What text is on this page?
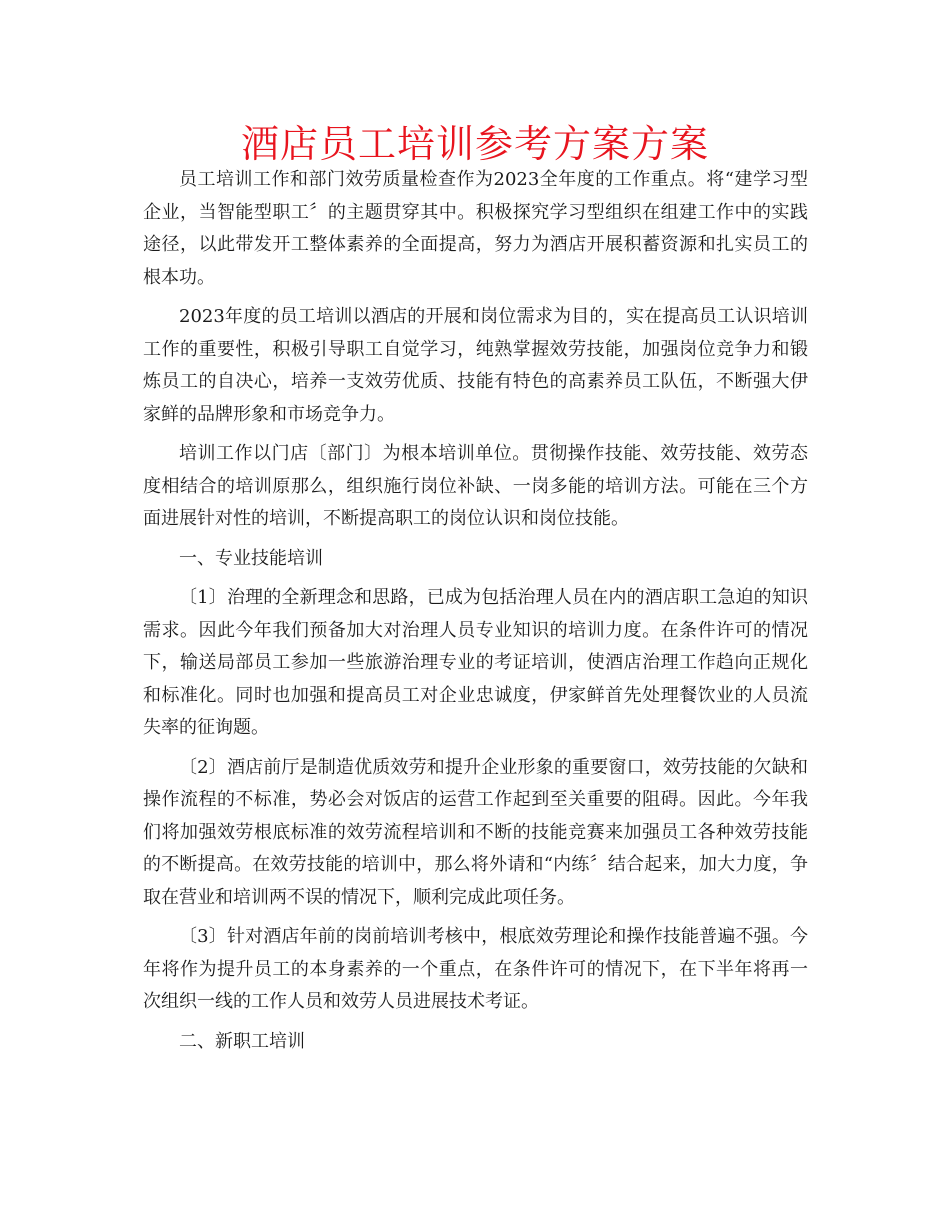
酒店员工培训参考方案方案

员工培训工作和部门效劳质量检查作为2023全年度的工作重点。将“建学习型企业，当智能型职工〞的主题贯穿其中。积极探究学习型组织在组建工作中的实践途径，以此带发开工整体素养的全面提高，努力为酒店开展积蓄资源和扎实员工的根本功。

2023年度的员工培训以酒店的开展和岗位需求为目的，实在提高员工认识培训工作的重要性，积极引导职工自觉学习，纯熟掌握效劳技能，加强岗位竞争力和锻炼员工的自决心，培养一支效劳优质、技能有特色的高素养员工队伍，不断强大伊家鲜的品牌形象和市场竞争力。

培训工作以门店〔部门〕为根本培训单位。贯彻操作技能、效劳技能、效劳态度相结合的培训原那么，组织施行岗位补缺、一岗多能的培训方法。可能在三个方面进展针对性的培训，不断提高职工的岗位认识和岗位技能。

一、专业技能培训

〔1〕治理的全新理念和思路，已成为包括治理人员在内的酒店职工急迫的知识需求。因此今年我们预备加大对治理人员专业知识的培训力度。在条件许可的情况下，输送局部员工参加一些旅游治理专业的考证培训，使酒店治理工作趋向正规化和标准化。同时也加强和提高员工对企业忠诚度，伊家鲜首先处理餐饮业的人员流失率的征询题。

〔2〕酒店前厅是制造优质效劳和提升企业形象的重要窗口，效劳技能的欠缺和操作流程的不标准，势必会对饭店的运营工作起到至关重要的阻碍。因此。今年我们将加强效劳根底标准的效劳流程培训和不断的技能竞赛来加强员工各种效劳技能的不断提高。在效劳技能的培训中，那么将外请和“内练〞结合起来，加大力度，争取在营业和培训两不误的情况下，顺利完成此项任务。

〔3〕针对酒店年前的岗前培训考核中，根底效劳理论和操作技能普遍不强。今年将作为提升员工的本身素养的一个重点，在条件许可的情况下，在下半年将再一次组织一线的工作人员和效劳人员进展技术考证。

二、新职工培训
